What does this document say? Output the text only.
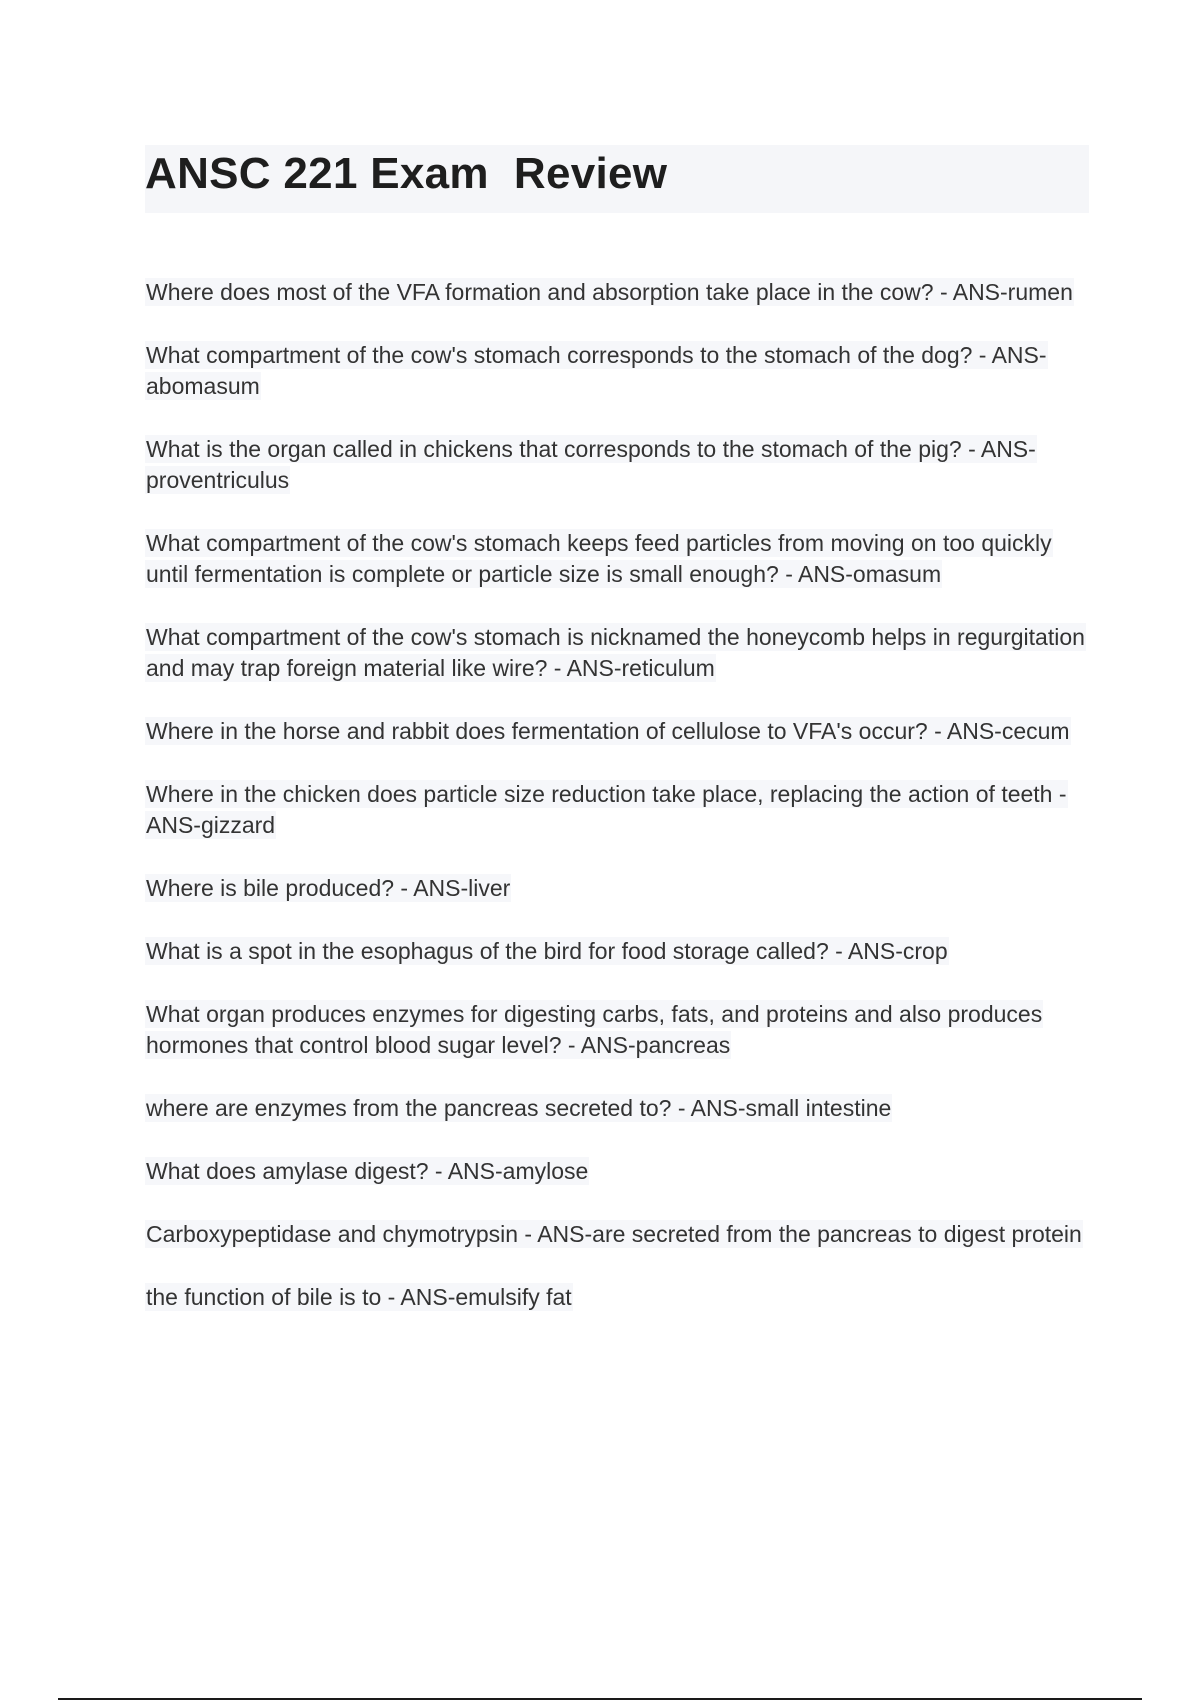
ANSC 221 Exam  Review
Where does most of the VFA formation and absorption take place in the cow? - ANS-rumen
What compartment of the cow's stomach corresponds to the stomach of the dog? - ANS-abomasum
What is the organ called in chickens that corresponds to the stomach of the pig? - ANS-proventriculus
What compartment of the cow's stomach keeps feed particles from moving on too quickly until fermentation is complete or particle size is small enough? - ANS-omasum
What compartment of the cow's stomach is nicknamed the honeycomb helps in regurgitation and may trap foreign material like wire? - ANS-reticulum
Where in the horse and rabbit does fermentation of cellulose to VFA's occur? - ANS-cecum
Where in the chicken does particle size reduction take place, replacing the action of teeth - ANS-gizzard
Where is bile produced? - ANS-liver
What is a spot in the esophagus of the bird for food storage called? - ANS-crop
What organ produces enzymes for digesting carbs, fats, and proteins and also produces hormones that control blood sugar level? - ANS-pancreas
where are enzymes from the pancreas secreted to? - ANS-small intestine
What does amylase digest? - ANS-amylose
Carboxypeptidase and chymotrypsin - ANS-are secreted from the pancreas to digest protein
the function of bile is to - ANS-emulsify fat
